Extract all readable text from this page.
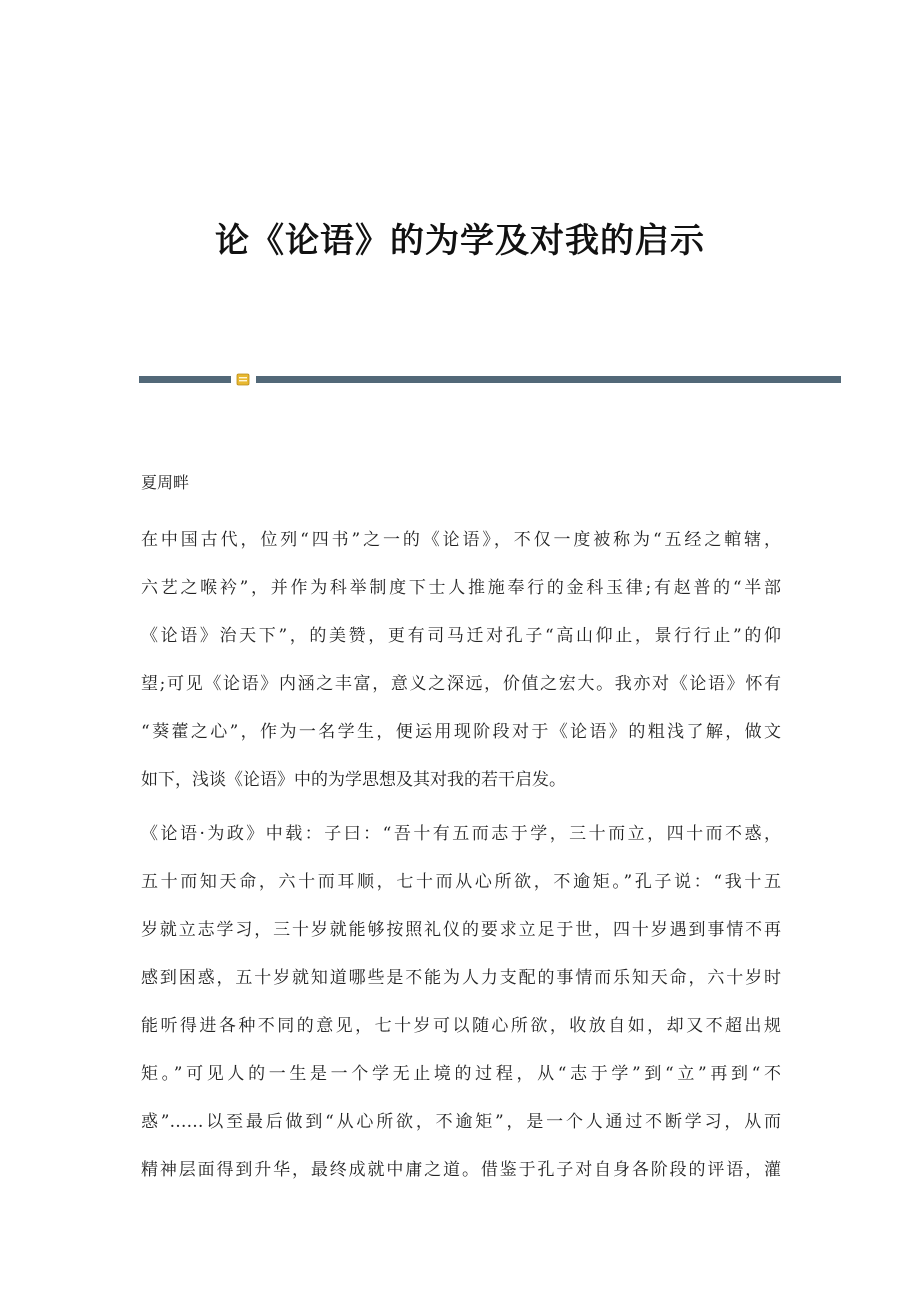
论《论语》的为学及对我的启示
夏周畔
在中国古代，位列“四书”之一的《论语》，不仅一度被称为“五经之輨辖，
六艺之喉衿”，并作为科举制度下士人推施奉行的金科玉律;有赵普的“半部
《论语》治天下”，的美赞，更有司马迁对孔子“高山仰止，景行行止”的仰
望;可见《论语》内涵之丰富，意义之深远，价值之宏大。我亦对《论语》怀有
“葵藿之心”，作为一名学生，便运用现阶段对于《论语》的粗浅了解，做文
如下，浅谈《论语》中的为学思想及其对我的若干启发。
《论语·为政》中载：子曰：“吾十有五而志于学，三十而立，四十而不惑，
五十而知天命，六十而耳顺，七十而从心所欲，不逾矩。”孔子说：“我十五
岁就立志学习，三十岁就能够按照礼仪的要求立足于世，四十岁遇到事情不再
感到困惑，五十岁就知道哪些是不能为人力支配的事情而乐知天命，六十岁时
能听得进各种不同的意见，七十岁可以随心所欲，收放自如，却又不超出规
矩。”可见人的一生是一个学无止境的过程，从“志于学”到“立”再到“不
惑”……以至最后做到“从心所欲，不逾矩”，是一个人通过不断学习，从而
精神层面得到升华，最终成就中庸之道。借鉴于孔子对自身各阶段的评语，灌
